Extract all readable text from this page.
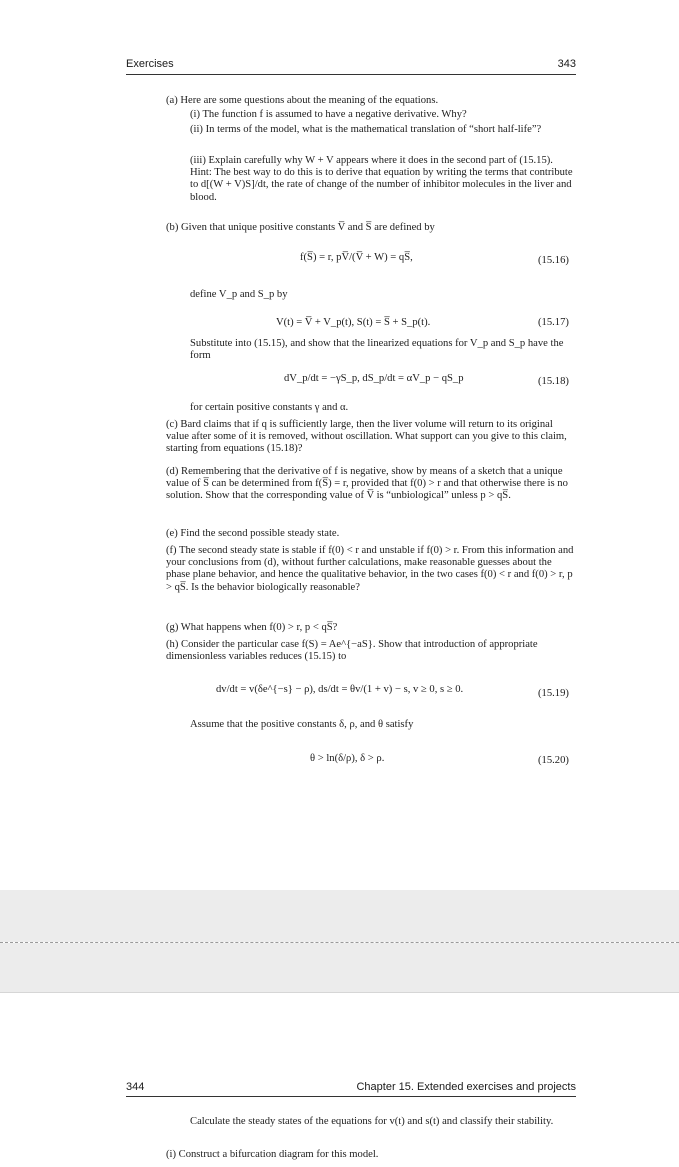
Exercises	343
(a) Here are some questions about the meaning of the equations.
(i) The function f is assumed to have a negative derivative. Why?
(ii) In terms of the model, what is the mathematical translation of “short half-life”?
(iii) Explain carefully why W + V appears where it does in the second part of (15.15). Hint: The best way to do this is to derive that equation by writing the terms that contribute to d[(W + V)S]/dt, the rate of change of the number of inhibitor molecules in the liver and blood.
(b) Given that unique positive constants V̅ and S̅ are defined by
f(S̅) = r, pV̅/(V̅ + W) = qS̅,	(15.16)
define V_p and S_p by
V(t) = V̅ + V_p(t), S(t) = S̅ + S_p(t).	(15.17)
Substitute into (15.15), and show that the linearized equations for V_p and S_p have the form
dV_p/dt = −γS_p, dS_p/dt = αV_p − qS_p	(15.18)
for certain positive constants γ and α.
(c) Bard claims that if q is sufficiently large, then the liver volume will return to its original value after some of it is removed, without oscillation. What support can you give to this claim, starting from equations (15.18)?
(d) Remembering that the derivative of f is negative, show by means of a sketch that a unique value of S̅ can be determined from f(S̅) = r, provided that f(0) > r and that otherwise there is no solution. Show that the corresponding value of V̅ is “unbiological” unless p > qS̅.
(e) Find the second possible steady state.
(f) The second steady state is stable if f(0) < r and unstable if f(0) > r. From this information and your conclusions from (d), without further calculations, make reasonable guesses about the phase plane behavior, and hence the qualitative behavior, in the two cases f(0) < r and f(0) > r, p > qS̅. Is the behavior biologically reasonable?
(g) What happens when f(0) > r, p < qS̅?
(h) Consider the particular case f(S) = Ae^{−aS}. Show that introduction of appropriate dimensionless variables reduces (15.15) to
dv/dt = v(δe^{−s} − ρ), ds/dt = θv/(1 + v) − s, v ≥ 0, s ≥ 0.	(15.19)
Assume that the positive constants δ, ρ, and θ satisfy
θ > ln(δ/ρ), δ > ρ.	(15.20)
344	Chapter 15. Extended exercises and projects
Calculate the steady states of the equations for v(t) and s(t) and classify their stability.
(i) Construct a bifurcation diagram for this model.
